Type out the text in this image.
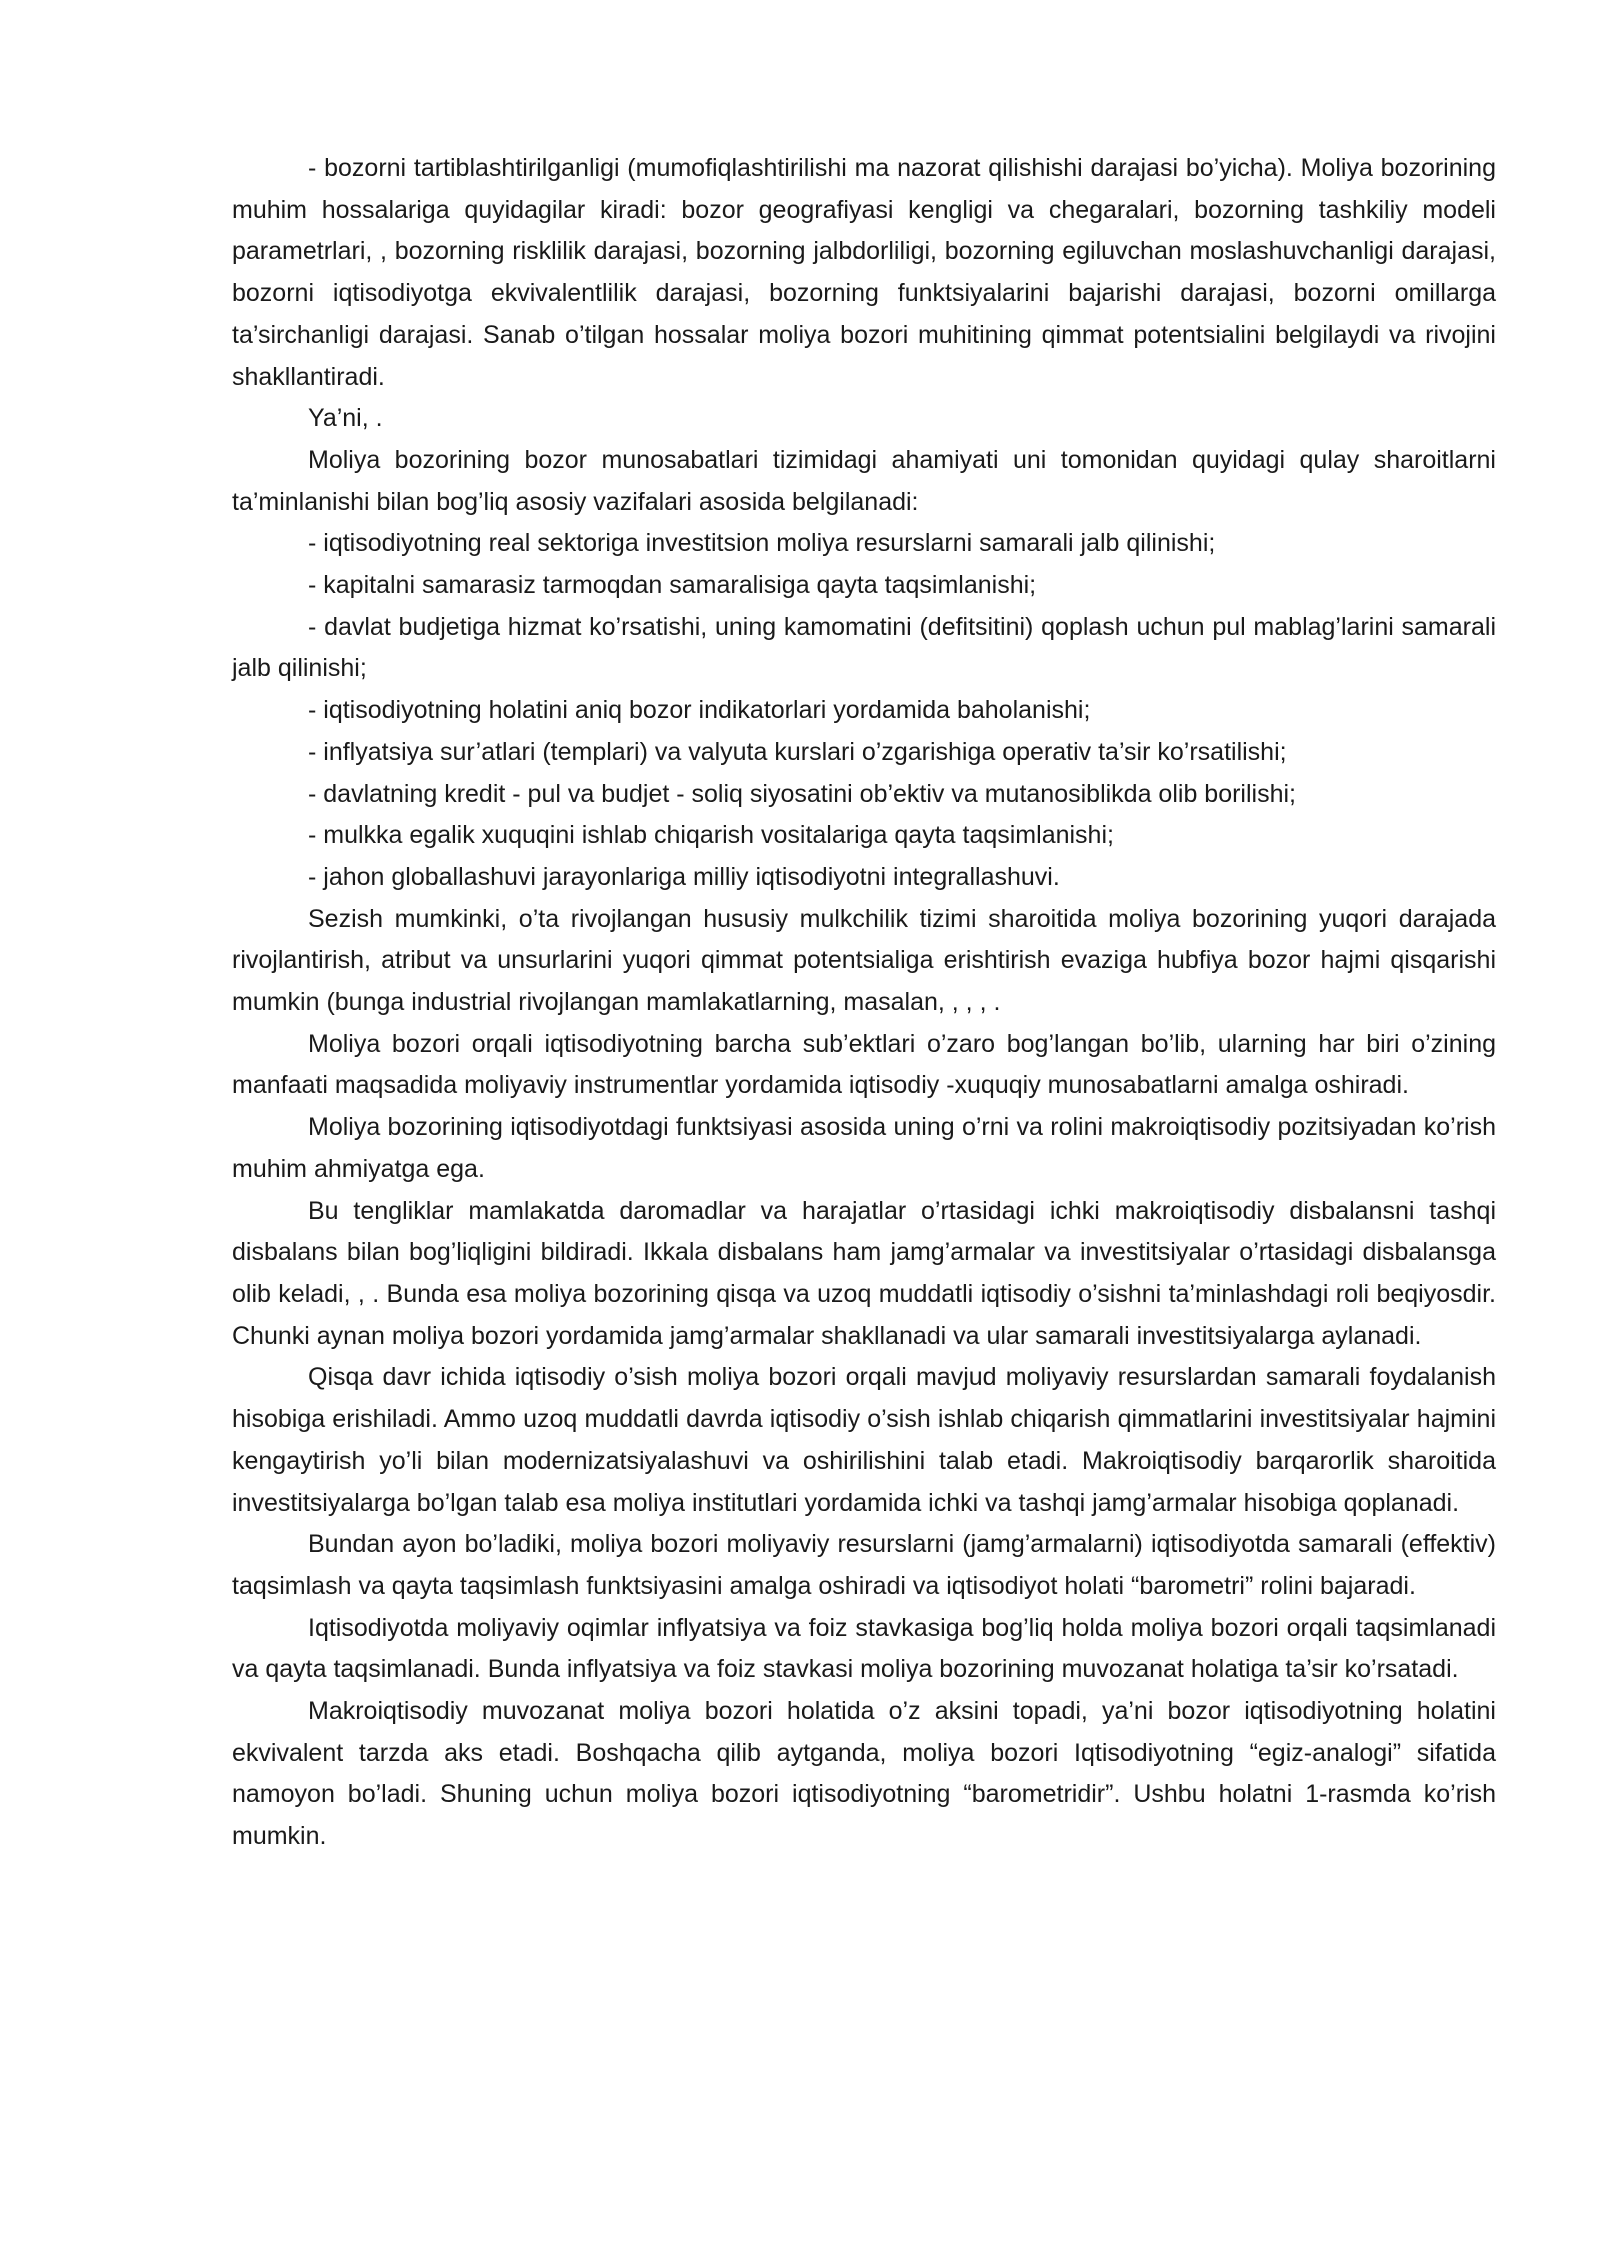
- bozorni tartiblashtirilganligi (mumofiqlashtirilishi ma nazorat qilishishi darajasi bo’yicha). Moliya bozorining muhim hossalariga quyidagilar kiradi: bozor geografiyasi kengligi va chegaralari, bozorning tashkiliy modeli parametrlari, , bozorning risklilik darajasi, bozorning jalbdorliligi, bozorning egiluvchan moslashuvchanligi darajasi, bozorni iqtisodiyotga ekvivalentlilik darajasi, bozorning funktsiyalarini bajarishi darajasi, bozorni omillarga ta’sirchanligi darajasi. Sanab o’tilgan hossalar moliya bozori muhitining qimmat potentsialini belgilaydi va rivojini shakllantiradi.

Ya’ni, .

Moliya bozorining bozor munosabatlari tizimidagi ahamiyati uni tomonidan quyidagi qulay sharoitlarni ta’minlanishi bilan bog’liq asosiy vazifalari asosida belgilanadi:

- iqtisodiyotning real sektoriga investitsion moliya resurslarni samarali jalb qilinishi;

- kapitalni samarasiz tarmoqdan samaralisiga qayta taqsimlanishi;

- davlat budjetiga hizmat ko’rsatishi, uning kamomatini (defitsitini) qoplash uchun pul mablag’larini samarali jalb qilinishi;

- iqtisodiyotning holatini aniq bozor indikatorlari yordamida baholanishi;

- inflyatsiya sur’atlari (templari) va valyuta kurslari o’zgarishiga operativ ta’sir ko’rsatilishi;

- davlatning kredit - pul va budjet - soliq siyosatini ob’ektiv va mutanosiblikda olib borilishi;

- mulkka egalik xuquqini ishlab chiqarish vositalariga qayta taqsimlanishi;

- jahon globallashuvi jarayonlariga milliy iqtisodiyotni integrallashuvi.

Sezish mumkinki, o’ta rivojlangan hususiy mulkchilik tizimi sharoitida moliya bozorining yuqori darajada rivojlantirish, atribut va unsurlarini yuqori qimmat potentsialiga erishtirish evaziga hubfiya bozor hajmi qisqarishi mumkin (bunga industrial rivojlangan mamlakatlarning, masalan, , , , .

Moliya bozori orqali iqtisodiyotning barcha sub’ektlari o’zaro bog’langan bo’lib, ularning har biri o’zining manfaati maqsadida moliyaviy instrumentlar yordamida iqtisodiy -xuquqiy munosabatlarni amalga oshiradi.

Moliya bozorining iqtisodiyotdagi funktsiyasi asosida uning o’rni va rolini makroiqtisodiy pozitsiyadan ko’rish muhim ahmiyatga ega.

Bu tengliklar mamlakatda daromadlar va harajatlar o’rtasidagi ichki makroiqtisodiy disbalansni tashqi disbalans bilan bog’liqligini bildiradi. Ikkala disbalans ham jamg’armalar va investitsiyalar o’rtasidagi disbalansga olib keladi, , . Bunda esa moliya bozorining qisqa va uzoq muddatli iqtisodiy o’sishni ta’minlashdagi roli beqiyosdir. Chunki aynan moliya bozori yordamida jamg’armalar shakllanadi va ular samarali investitsiyalarga aylanadi.

Qisqa davr ichida iqtisodiy o’sish moliya bozori orqali mavjud moliyaviy resurslardan samarali foydalanish hisobiga erishiladi. Ammo uzoq muddatli davrda iqtisodiy o’sish ishlab chiqarish qimmatlarini investitsiyalar hajmini kengaytirish yo’li bilan modernizatsiyalashuvi va oshirilishini talab etadi. Makroiqtisodiy barqarorlik sharoitida investitsiyalarga bo’lgan talab esa moliya institutlari yordamida ichki va tashqi jamg’armalar hisobiga qoplanadi.

Bundan ayon bo’ladiki, moliya bozori moliyaviy resurslarni (jamg’armalarni) iqtisodiyotda samarali (effektiv) taqsimlash va qayta taqsimlash funktsiyasini amalga oshiradi va iqtisodiyot holati “barometri” rolini bajaradi.

Iqtisodiyotda moliyaviy oqimlar inflyatsiya va foiz stavkasiga bog’liq holda moliya bozori orqali taqsimlanadi va qayta taqsimlanadi. Bunda inflyatsiya va foiz stavkasi moliya bozorining muvozanat holatiga ta’sir ko’rsatadi.

Makroiqtisodiy muvozanat moliya bozori holatida o’z aksini topadi, ya’ni bozor iqtisodiyotning holatini ekvivalent tarzda aks etadi. Boshqacha qilib aytganda, moliya bozori Iqtisodiyotning “egiz-analogi” sifatida namoyon bo’ladi. Shuning uchun moliya bozori iqtisodiyotning “barometridir”. Ushbu holatni 1-rasmda ko’rish mumkin.
